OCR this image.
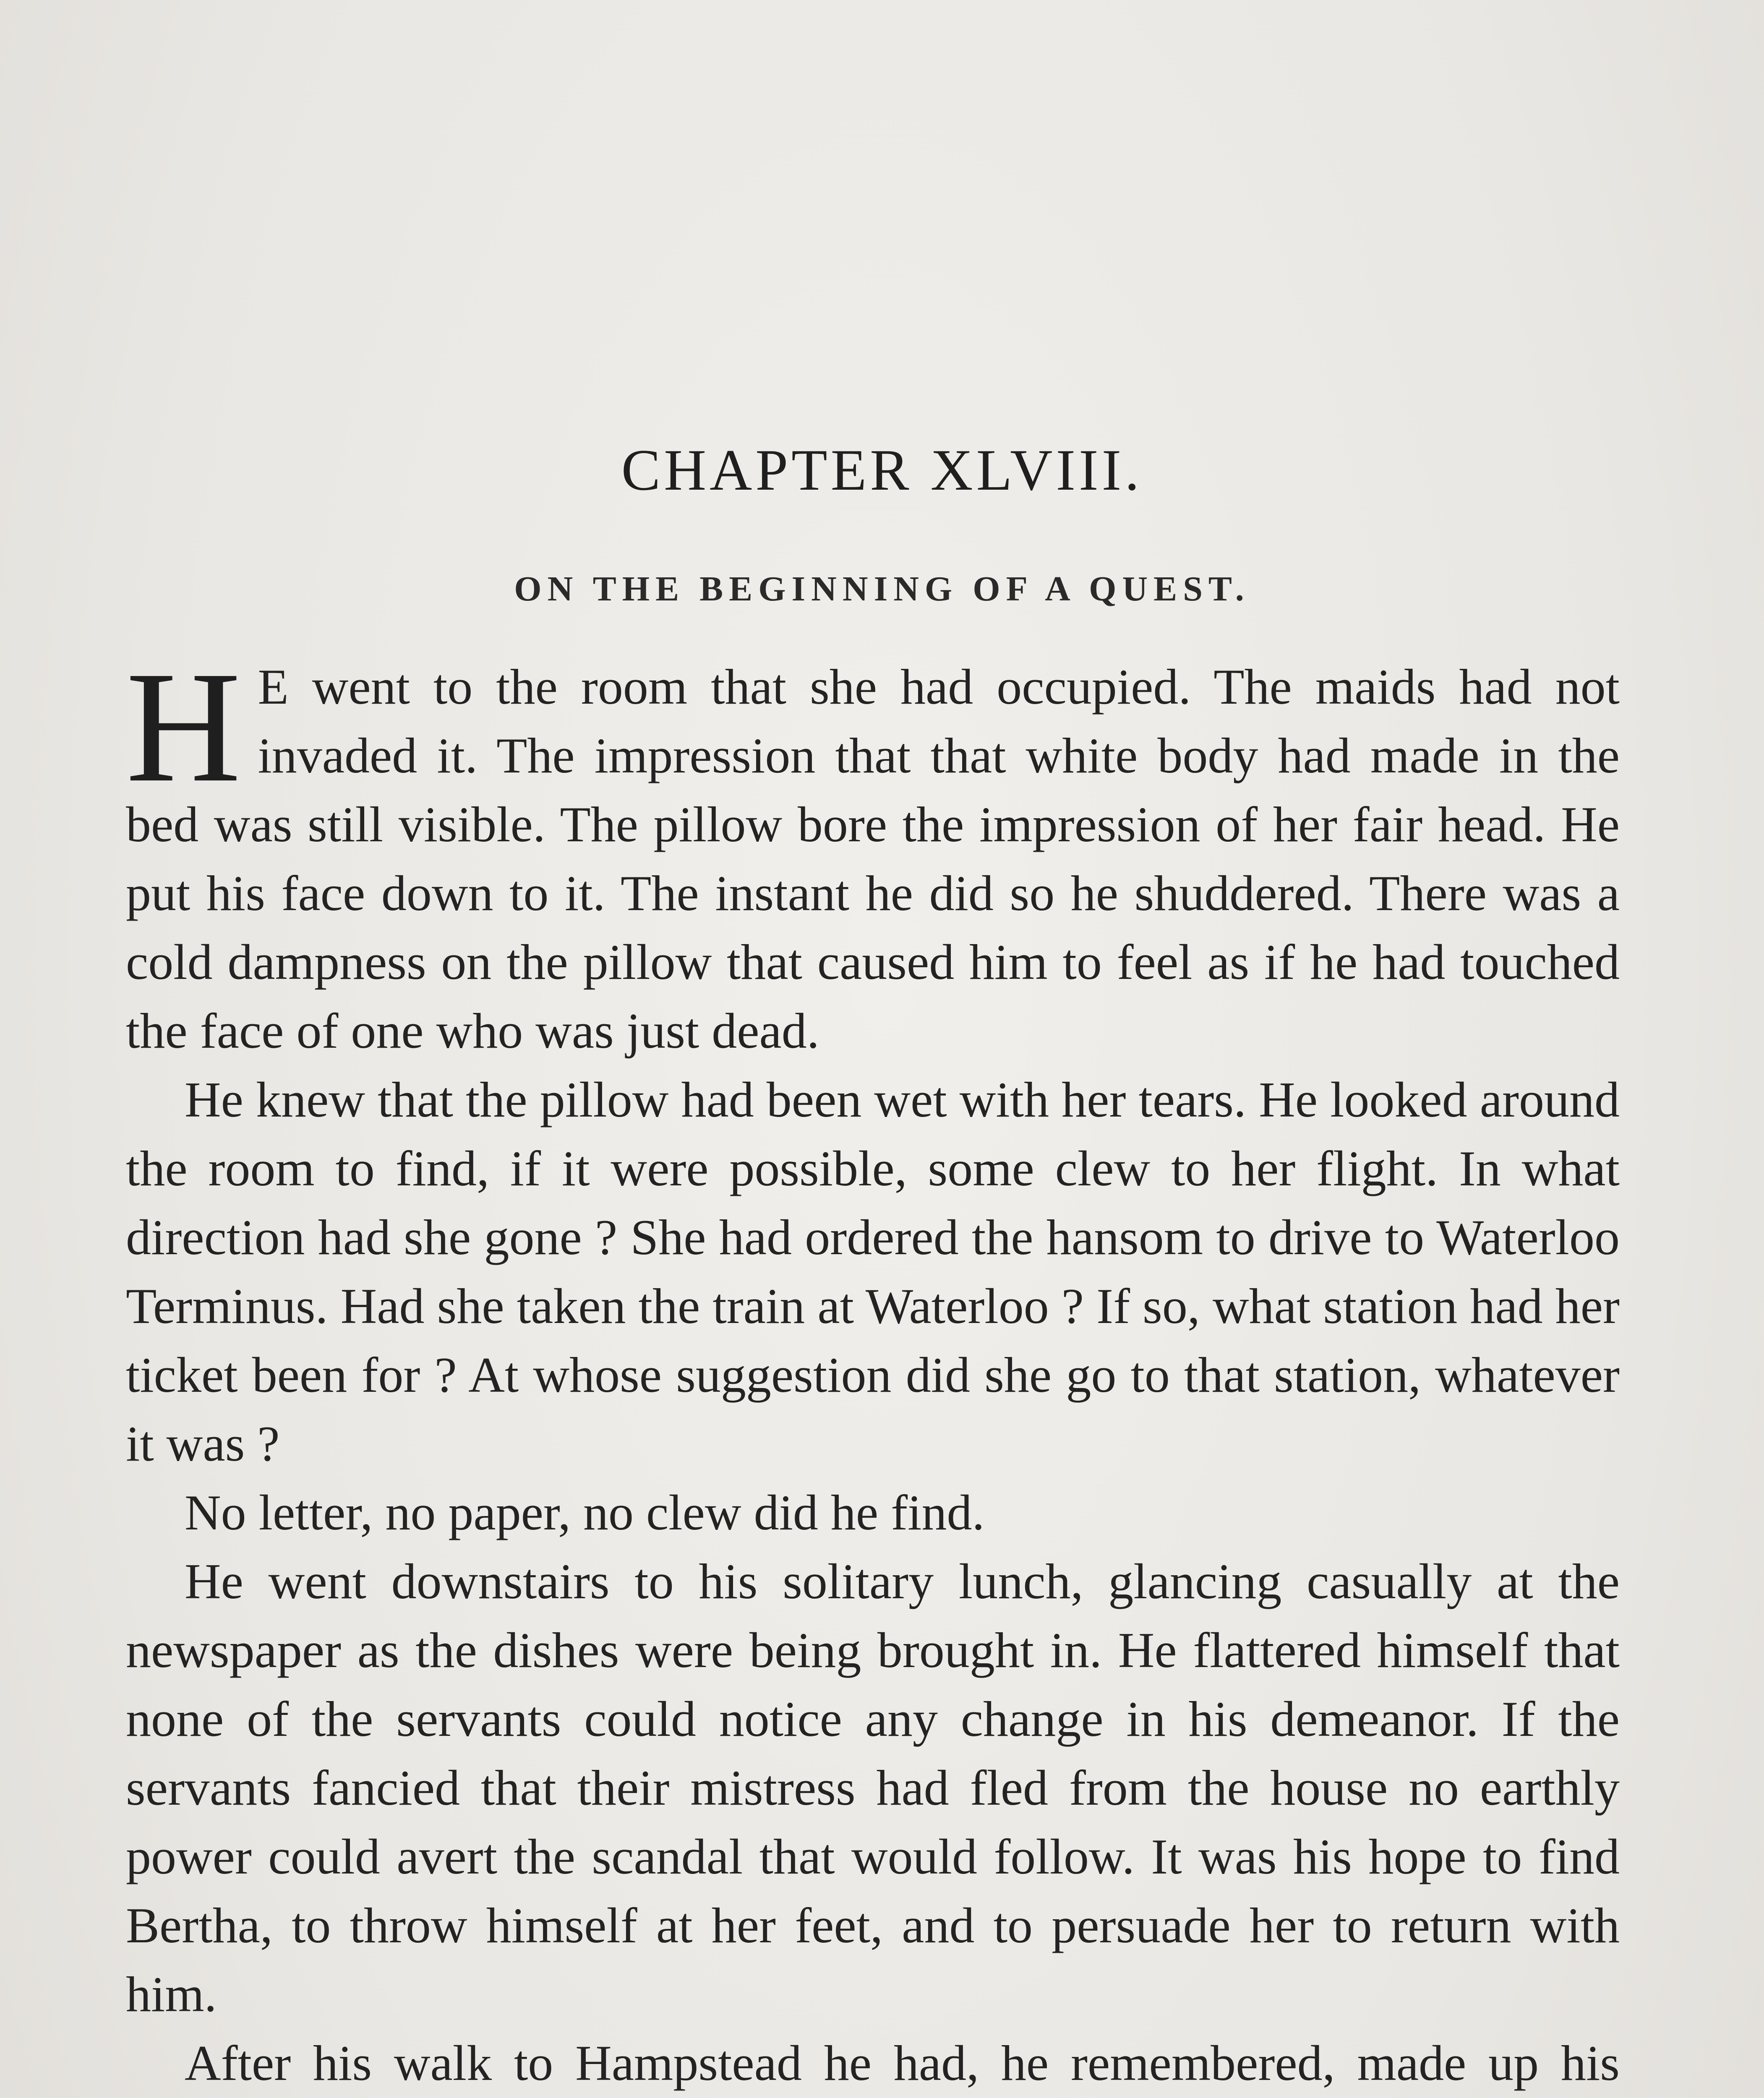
CHAPTER XLVIII.
ON THE BEGINNING OF A QUEST.

H E went to the room that she had occupied. The maids had not invaded it. The impression that that white body had made in the bed was still visible. The pillow bore the impression of her fair head. He put his face down to it. The instant he did so he shuddered. There was a cold dampness on the pillow that caused him to feel as if he had touched the face of one who was just dead.

He knew that the pillow had been wet with her tears. He looked around the room to find, if it were possible, some clew to her flight. In what direction had she gone ? She had ordered the hansom to drive to Waterloo Terminus. Had she taken the train at Waterloo ? If so, what station had her ticket been for ? At whose suggestion did she go to that station, whatever it was ?

No letter, no paper, no clew did he find.

He went downstairs to his solitary lunch, glancing casually at the newspaper as the dishes were being brought in. He flattered himself that none of the servants could notice any change in his demeanor. If the servants fancied that their mistress had fled from the house no earthly power could avert the scandal that would follow. It was his hope to find Bertha, to throw himself at her feet, and to persuade her to return with him.

After his walk to Hampstead he had, he remembered, made up his
